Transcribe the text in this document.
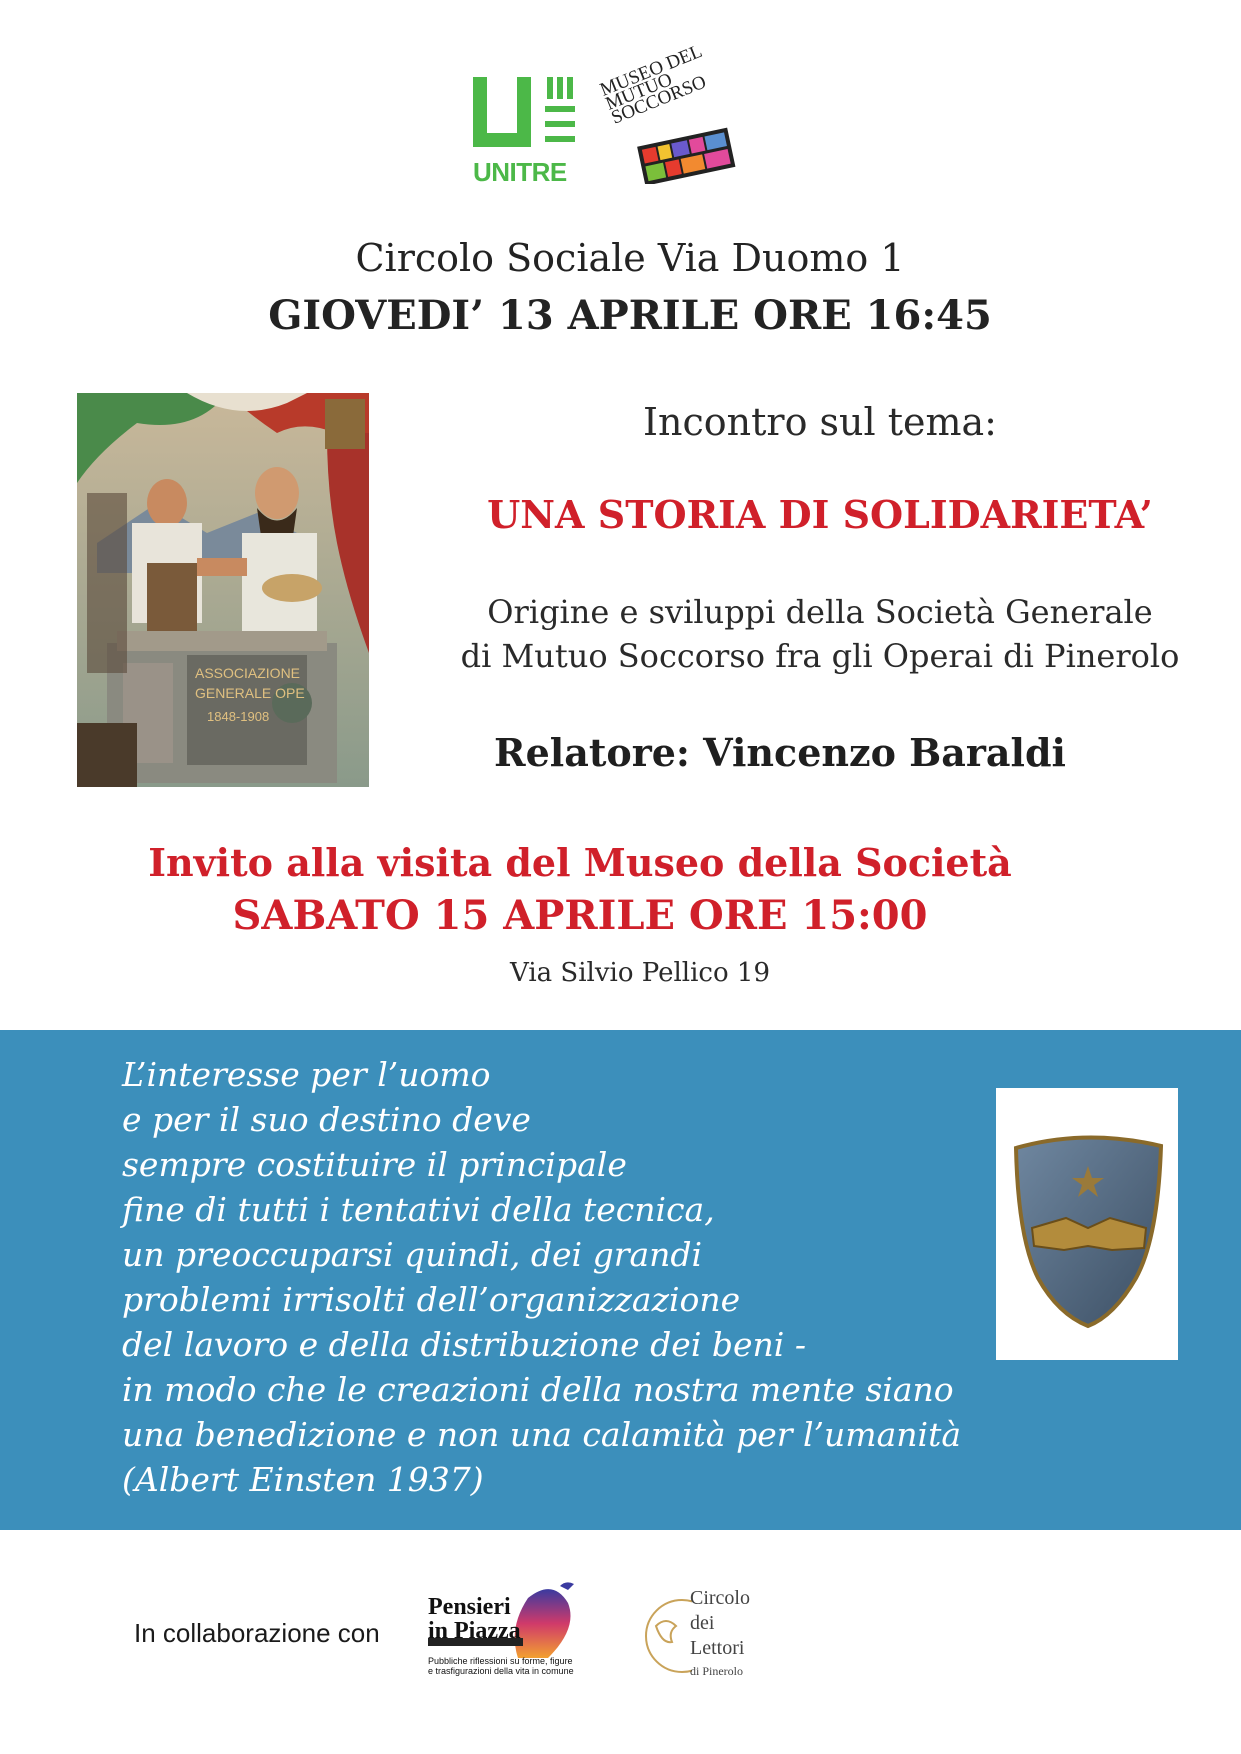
UNITRE
MUSEO DEL MUTUO SOCCORSO
Circolo Sociale Via Duomo 1
GIOVEDI’ 13 APRILE ORE 16:45
ASSOCIAZIONE
GENERALE OPE
1848-1908
Incontro sul tema:
UNA STORIA DI SOLIDARIETA’
Origine e sviluppi della Società Generale
di Mutuo Soccorso fra gli Operai di Pinerolo
Relatore: Vincenzo Baraldi
Invito alla visita del Museo della Società
SABATO 15 APRILE ORE 15:00
Via Silvio Pellico 19
L’interesse per l’uomo
e per il suo destino deve
sempre costituire il principale
fine di tutti i tentativi della tecnica,
un preoccuparsi quindi, dei grandi
problemi irrisolti dell’organizzazione
del lavoro e della distribuzione dei beni -
in modo che le creazioni della nostra mente siano
una benedizione e non una calamità per l’umanità
(Albert Einsten 1937)
In collaborazione con
Pensieri
in Piazza
Pubbliche riflessioni su forme, figure
e trasfigurazioni della vita in comune
Circolo
dei
Lettori
di Pinerolo
